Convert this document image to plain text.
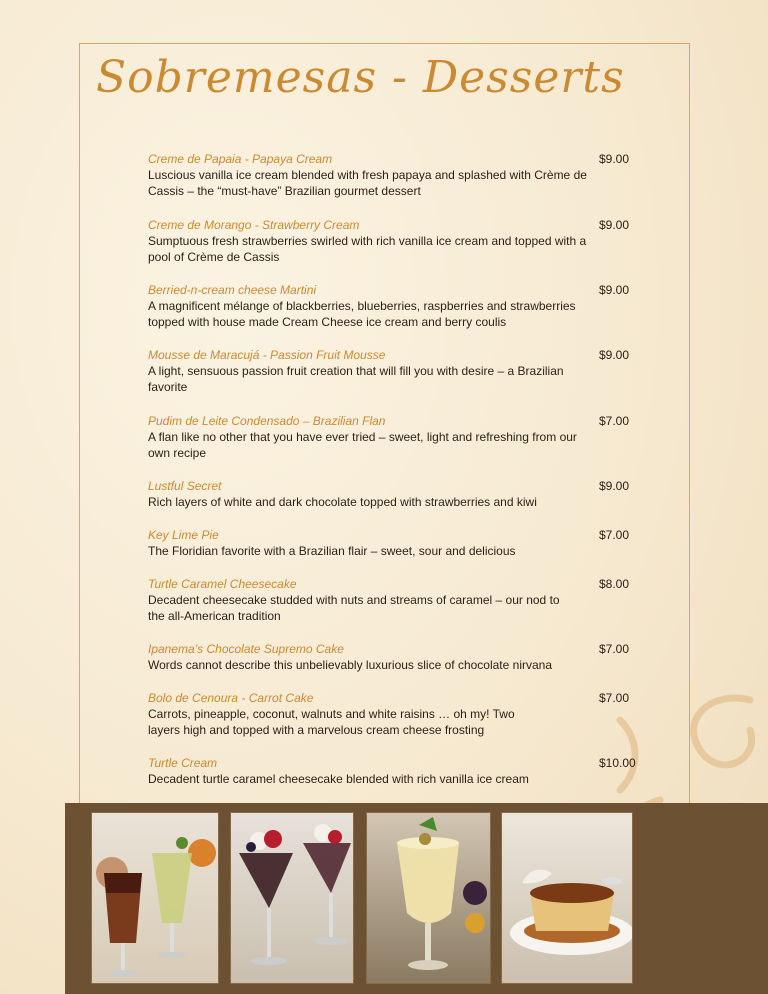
Sobremesas - Desserts
Creme de Papaia - Papaya Cream
Luscious vanilla ice cream blended with fresh papaya and splashed with Crème de Cassis – the “must-have” Brazilian gourmet dessert
$9.00
Creme de Morango - Strawberry Cream
Sumptuous fresh strawberries swirled with rich vanilla ice cream and topped with a pool of Crème de Cassis
$9.00
Berried-n-cream cheese Martini
A magnificent mélange of blackberries, blueberries, raspberries and strawberries topped with house made Cream Cheese ice cream and berry coulis
$9.00
Mousse de Maracujá - Passion Fruit Mousse
A light, sensuous passion fruit creation that will fill you with desire – a Brazilian favorite
$9.00
Pudim de Leite Condensado – Brazilian Flan
A flan like no other that you have ever tried – sweet, light and refreshing from our own recipe
$7.00
Lustful Secret
Rich layers of white and dark chocolate topped with strawberries and kiwi
$9.00
Key Lime Pie
The Floridian favorite with a Brazilian flair – sweet, sour and delicious
$7.00
Turtle Caramel Cheesecake
Decadent cheesecake studded with nuts and streams of caramel – our nod to the all-American tradition
$8.00
Ipanema’s Chocolate Supremo Cake
Words cannot describe this unbelievably luxurious slice of chocolate nirvana
$7.00
Bolo de Cenoura - Carrot Cake
Carrots, pineapple, coconut, walnuts and white raisins … oh my! Two layers high and topped with a marvelous cream cheese frosting
$7.00
Turtle Cream
Decadent turtle caramel cheesecake blended with rich vanilla ice cream
$10.00
